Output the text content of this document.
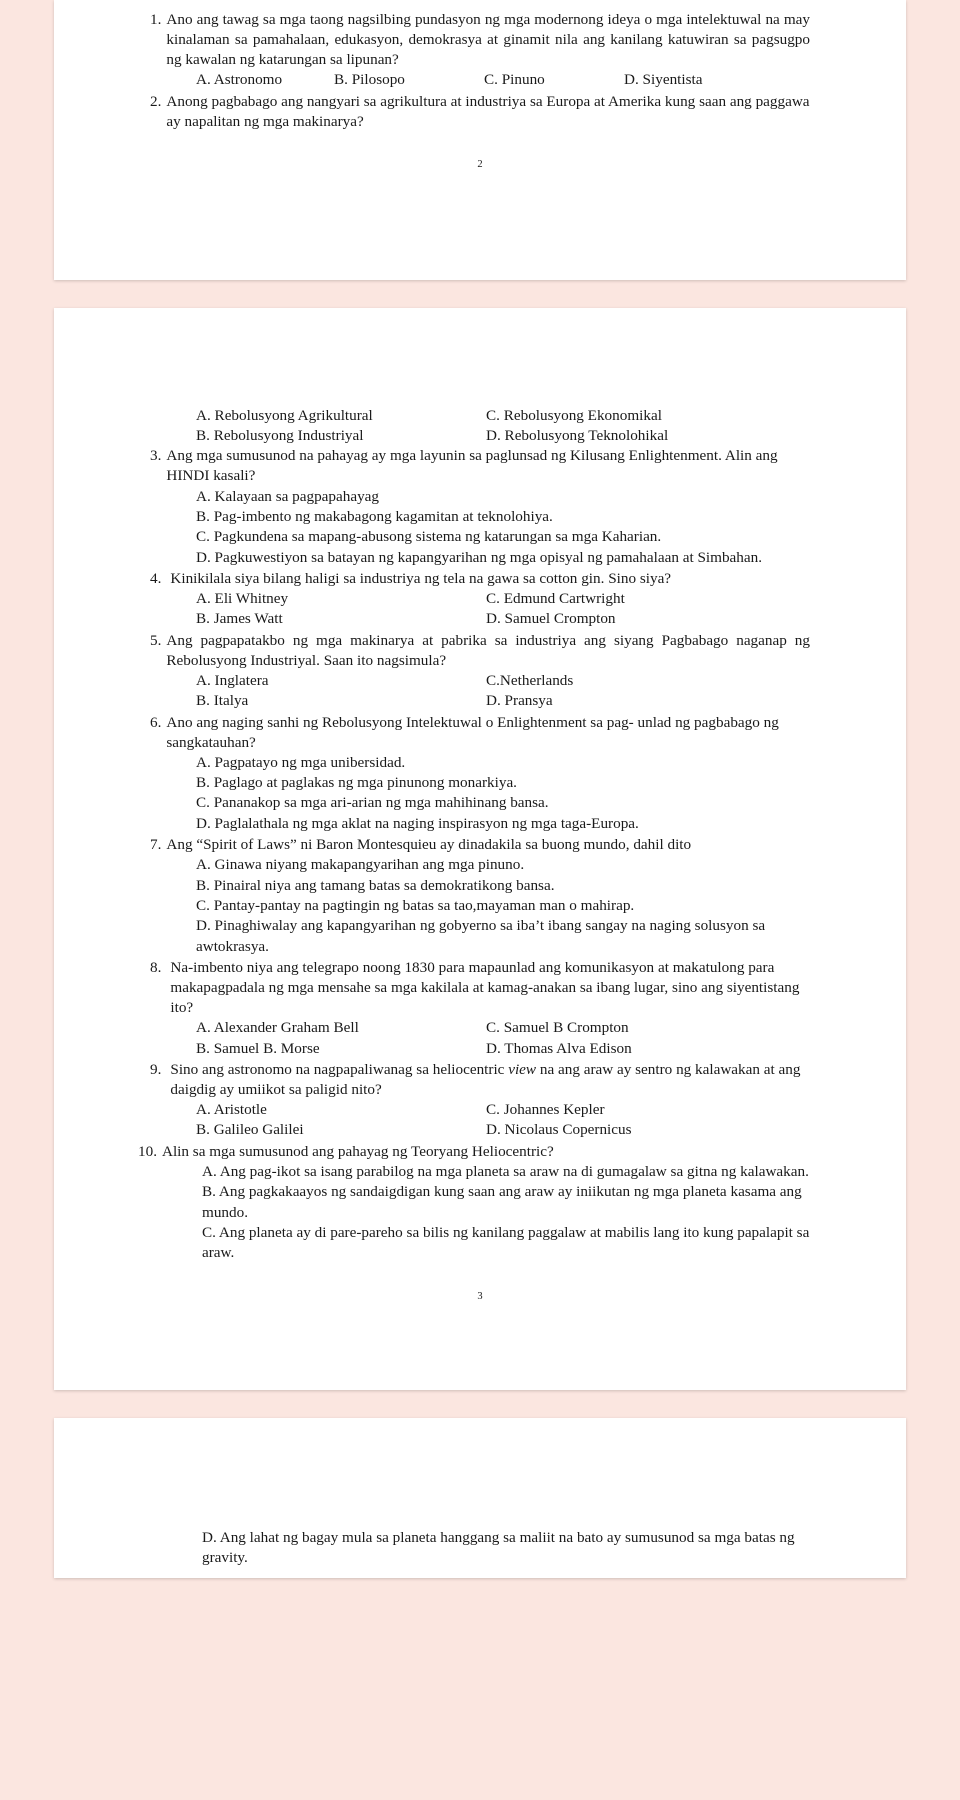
1. Ano ang tawag sa mga taong nagsilbing pundasyon ng mga modernong ideya o mga intelektuwal na may kinalaman sa pamahalaan, edukasyon, demokrasya at ginamit nila ang kanilang katuwiran sa pagsugpo ng kawalan ng katarungan sa lipunan?
A. Astronomo	B. Pilosopo	C. Pinuno	D. Siyentista
2. Anong pagbabago ang nangyari sa agrikultura at industriya sa Europa at Amerika kung saan ang paggawa ay napalitan ng mga makinarya?
2
A. Rebolusyong Agrikultural	C. Rebolusyong Ekonomikal
B. Rebolusyong Industriyal	D. Rebolusyong Teknolohikal
3. Ang mga sumusunod na pahayag ay mga layunin sa paglunsad ng Kilusang Enlightenment. Alin ang HINDI kasali?
A. Kalayaan sa pagpapahayag
B. Pag-imbento ng makabagong kagamitan at teknolohiya.
C. Pagkundena sa mapang-abusong sistema ng katarungan sa mga Kaharian.
D. Pagkuwestiyon sa batayan ng kapangyarihan ng mga opisyal ng pamahalaan at Simbahan.
4. Kinikilala siya bilang haligi sa industriya ng tela na gawa sa cotton gin. Sino siya?
A. Eli Whitney	C. Edmund Cartwright
B. James Watt	D. Samuel Crompton
5. Ang pagpapatakbo ng mga makinarya at pabrika sa industriya ang siyang Pagbabago naganap ng Rebolusyong Industriyal. Saan ito nagsimula?
A. Inglatera	C.Netherlands
B. Italya	D. Pransya
6. Ano ang naging sanhi ng Rebolusyong Intelektuwal o Enlightenment sa pag- unlad ng pagbabago ng sangkatauhan?
A. Pagpatayo ng mga unibersidad.
B. Paglago at paglakas ng mga pinunong monarkiya.
C. Pananakop sa mga ari-arian ng mga mahihinang bansa.
D. Paglalathala ng mga aklat na naging inspirasyon ng mga taga-Europa.
7. Ang “Spirit of Laws” ni Baron Montesquieu ay dinadakila sa buong mundo, dahil dito
A. Ginawa niyang makapangyarihan ang mga pinuno.
B. Pinairal niya ang tamang batas sa demokratikong bansa.
C. Pantay-pantay na pagtingin ng batas sa tao,mayaman man o mahirap.
D. Pinaghiwalay ang kapangyarihan ng gobyerno sa iba’t ibang sangay na naging solusyon sa awtokrasya.
8. Na-imbento niya ang telegrapo noong 1830 para mapaunlad ang komunikasyon at makatulong para makapagpadala ng mga mensahe sa mga kakilala at kamag-anakan sa ibang lugar, sino ang siyentistang ito?
A. Alexander Graham Bell	C. Samuel B Crompton
B. Samuel B. Morse	D. Thomas Alva Edison
9. Sino ang astronomo na nagpapaliwanag sa heliocentric view na ang araw ay sentro ng kalawakan at ang daigdig ay umiikot sa paligid nito?
A. Aristotle	C. Johannes Kepler
B. Galileo Galilei	D. Nicolaus Copernicus
10. Alin sa mga sumusunod ang pahayag ng Teoryang Heliocentric?
A. Ang pag-ikot sa isang parabilog na mga planeta sa araw na di gumagalaw sa gitna ng kalawakan.
B. Ang pagkakaayos ng sandaigdigan kung saan ang araw ay iniikutan ng mga planeta kasama ang mundo.
C. Ang planeta ay di pare-pareho sa bilis ng kanilang paggalaw at mabilis lang ito kung papalapit sa araw.
3
D. Ang lahat ng bagay mula sa planeta hanggang sa maliit na bato ay sumusunod sa mga batas ng gravity.
